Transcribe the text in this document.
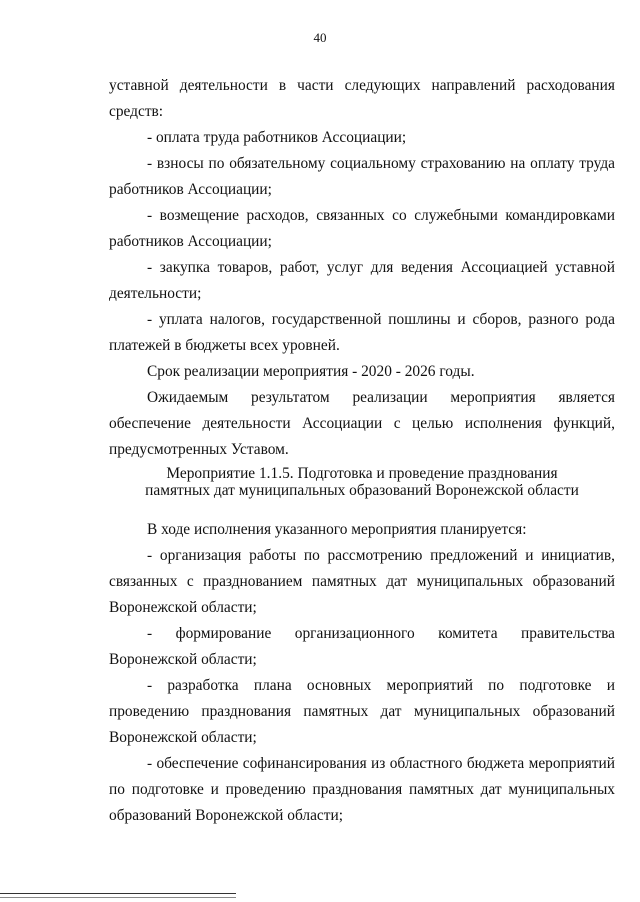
40

уставной деятельности в части следующих направлений расходования средств:

- оплата труда работников Ассоциации;

- взносы по обязательному социальному страхованию на оплату труда работников Ассоциации;

- возмещение расходов, связанных со служебными командировками работников Ассоциации;

- закупка товаров, работ, услуг для ведения Ассоциацией уставной деятельности;

- уплата налогов, государственной пошлины и сборов, разного рода платежей в бюджеты всех уровней.

Срок реализации мероприятия - 2020 - 2026 годы.

Ожидаемым результатом реализации мероприятия является обеспечение деятельности Ассоциации с целью исполнения функций, предусмотренных Уставом.

Мероприятие 1.1.5. Подготовка и проведение празднования
памятных дат муниципальных образований Воронежской области

В ходе исполнения указанного мероприятия планируется:

- организация работы по рассмотрению предложений и инициатив, связанных с празднованием памятных дат муниципальных образований Воронежской области;

- формирование организационного комитета правительства Воронежской области;

- разработка плана основных мероприятий по подготовке и проведению празднования памятных дат муниципальных образований Воронежской области;

- обеспечение софинансирования из областного бюджета мероприятий по подготовке и проведению празднования памятных дат муниципальных образований Воронежской области;
